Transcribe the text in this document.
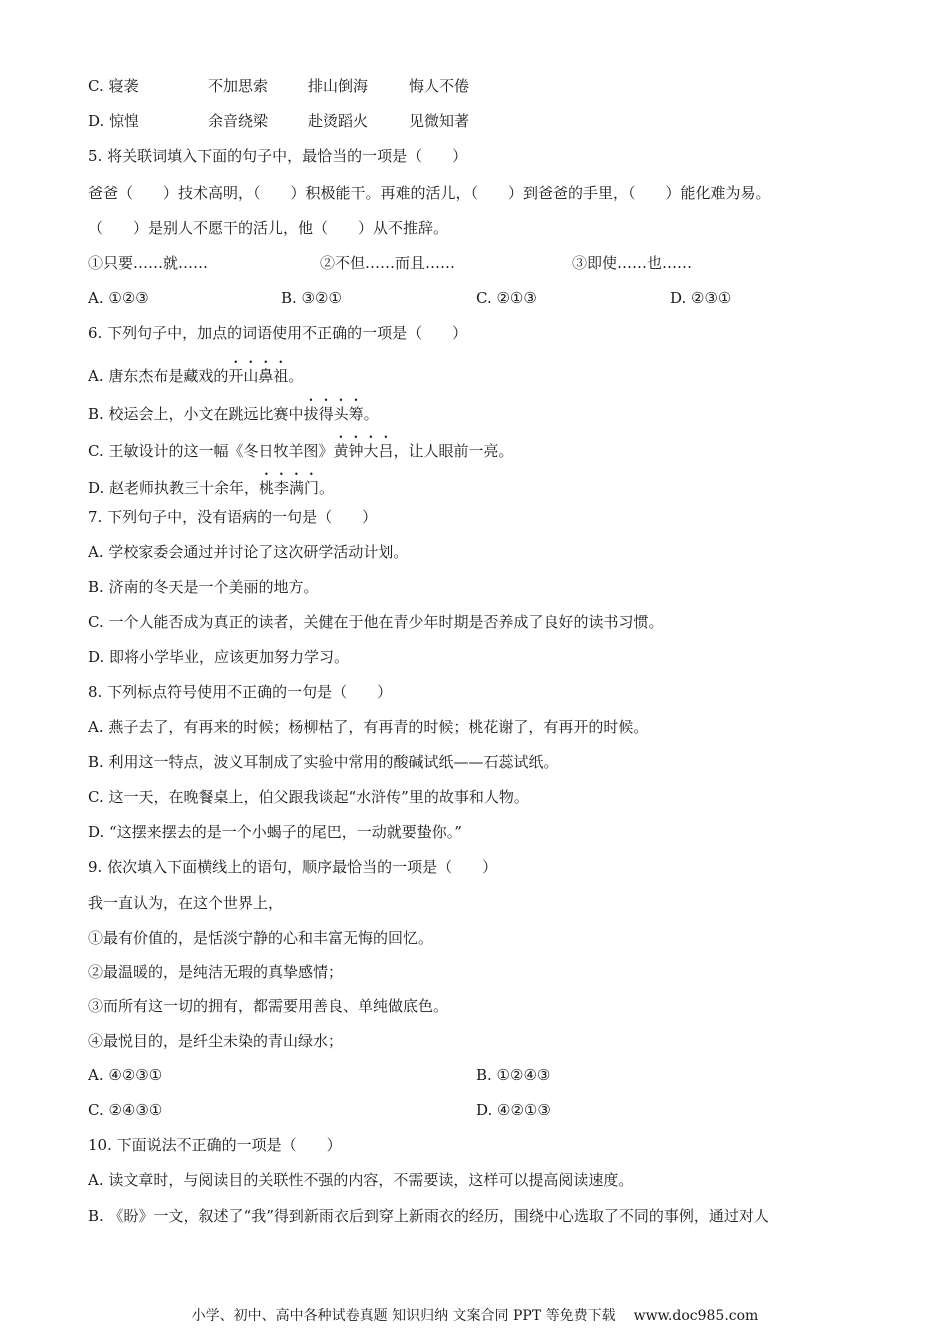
C. 寝袭	不加思索	排山倒海	悔人不倦
D. 惊惶	余音绕梁	赴烫蹈火	见微知著
5. 将关联词填入下面的句子中，最恰当的一项是（　　）
爸爸（　　）技术高明，（　　）积极能干。再难的活儿，（　　）到爸爸的手里，（　　）能化难为易。
（　　）是别人不愿干的活儿，他（　　）从不推辞。
①只要……就……	②不但……而且……	③即使……也……
A. ①②③	B. ③②①	C. ②①③	D. ②③①
6. 下列句子中，加点的词语使用不正确的一项是（　　）
A. 唐东杰布是藏戏的开山鼻祖。
B. 校运会上，小文在跳远比赛中拔得头筹。
C. 王敏设计的这一幅《冬日牧羊图》黄钟大吕，让人眼前一亮。
D. 赵老师执教三十余年，桃李满门。
7. 下列句子中，没有语病的一句是（　　）
A. 学校家委会通过并讨论了这次研学活动计划。
B. 济南的冬天是一个美丽的地方。
C. 一个人能否成为真正的读者，关健在于他在青少年时期是否养成了良好的读书习惯。
D. 即将小学毕业，应该更加努力学习。
8. 下列标点符号使用不正确的一句是（　　）
A. 燕子去了，有再来的时候；杨柳枯了，有再青的时候；桃花谢了，有再开的时候。
B. 利用这一特点，波义耳制成了实验中常用的酸碱试纸——石蕊试纸。
C. 这一天，在晚餐桌上，伯父跟我谈起“水浒传”里的故事和人物。
D. “这摆来摆去的是一个小蝎子的尾巴，一动就要蛰你。”
9. 依次填入下面横线上的语句，顺序最恰当的一项是（　　）
我一直认为，在这个世界上，
①最有价值的，是恬淡宁静的心和丰富无悔的回忆。
②最温暖的，是纯洁无瑕的真挚感情；
③而所有这一切的拥有，都需要用善良、单纯做底色。
④最悦目的，是纤尘未染的青山绿水；
A. ④②③①	B. ①②④③
C. ②④③①	D. ④②①③
10. 下面说法不正确的一项是（　　）
A. 读文章时，与阅读目的关联性不强的内容，不需要读，这样可以提高阅读速度。
B. 《盼》一文，叙述了“我”得到新雨衣后到穿上新雨衣的经历，围绕中心选取了不同的事例，通过对人
小学、初中、高中各种试卷真题 知识归纳 文案合同 PPT 等免费下载 www.doc985.com
